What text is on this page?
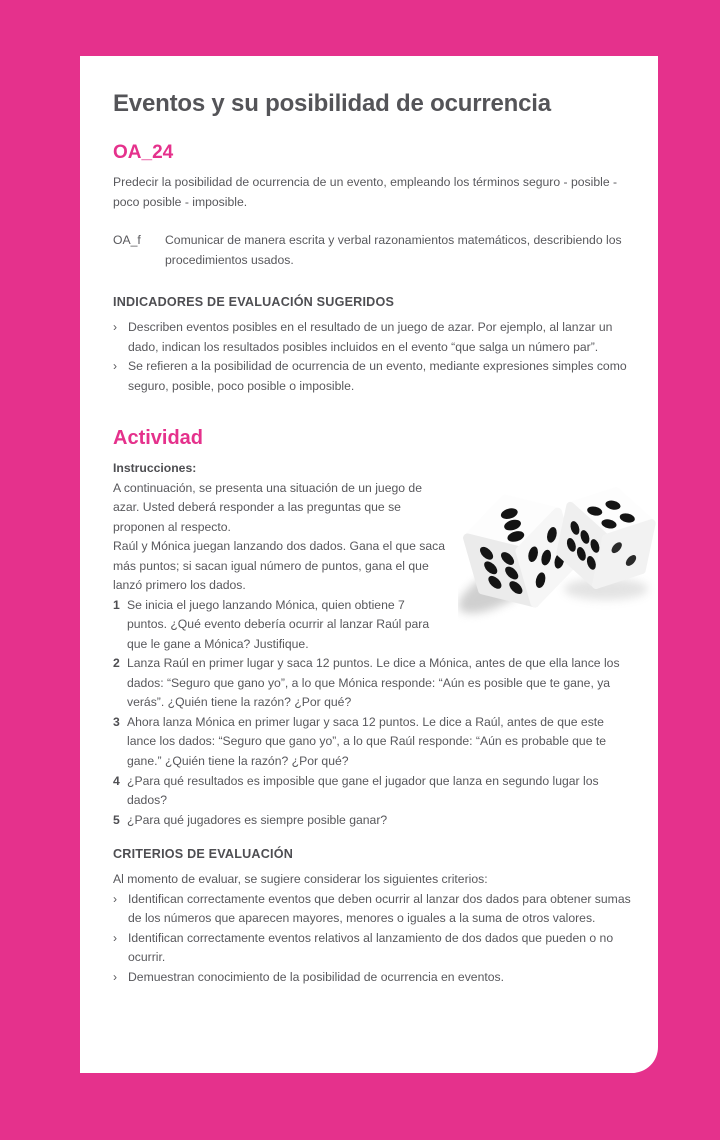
Eventos y su posibilidad de ocurrencia
OA_24

Predecir la posibilidad de ocurrencia de un evento, empleando los términos seguro - posible - poco posible - imposible.

OA_f	Comunicar de manera escrita y verbal razonamientos matemáticos, describiendo los procedimientos usados.
INDICADORES DE EVALUACIÓN SUGERIDOS

› Describen eventos posibles en el resultado de un juego de azar. Por ejemplo, al lanzar un dado, indican los resultados posibles incluidos en el evento “que salga un número par”.

› Se refieren a la posibilidad de ocurrencia de un evento, mediante expresiones simples como seguro, posible, poco posible o imposible.

Actividad

Instrucciones:

A continuación, se presenta una situación de un juego de azar. Usted deberá responder a las preguntas que se proponen al respecto.

Raúl y Mónica juegan lanzando dos dados. Gana el que saca más puntos; si sacan igual número de puntos, gana el que lanzó primero los dados.

1 Se inicia el juego lanzando Mónica, quien obtiene 7 puntos. ¿Qué evento debería ocurrir al lanzar Raúl para que le gane a Mónica? Justifique.

2 Lanza Raúl en primer lugar y saca 12 puntos. Le dice a Mónica, antes de que ella lance los dados: “Seguro que gano yo”, a lo que Mónica responde: “Aún es posible que te gane, ya verás”. ¿Quién tiene la razón? ¿Por qué?

3 Ahora lanza Mónica en primer lugar y saca 12 puntos. Le dice a Raúl, antes de que este lance los dados: “Seguro que gano yo”, a lo que Raúl responde: “Aún es probable que te gane.” ¿Quién tiene la razón? ¿Por qué?

4 ¿Para qué resultados es imposible que gane el jugador que lanza en segundo lugar los dados?

5 ¿Para qué jugadores es siempre posible ganar?

CRITERIOS DE EVALUACIÓN

Al momento de evaluar, se sugiere considerar los siguientes criterios:

› Identifican correctamente eventos que deben ocurrir al lanzar dos dados para obtener sumas de los números que aparecen mayores, menores o iguales a la suma de otros valores.

› Identifican correctamente eventos relativos al lanzamiento de dos dados que pueden o no ocurrir.

› Demuestran conocimiento de la posibilidad de ocurrencia en eventos.
